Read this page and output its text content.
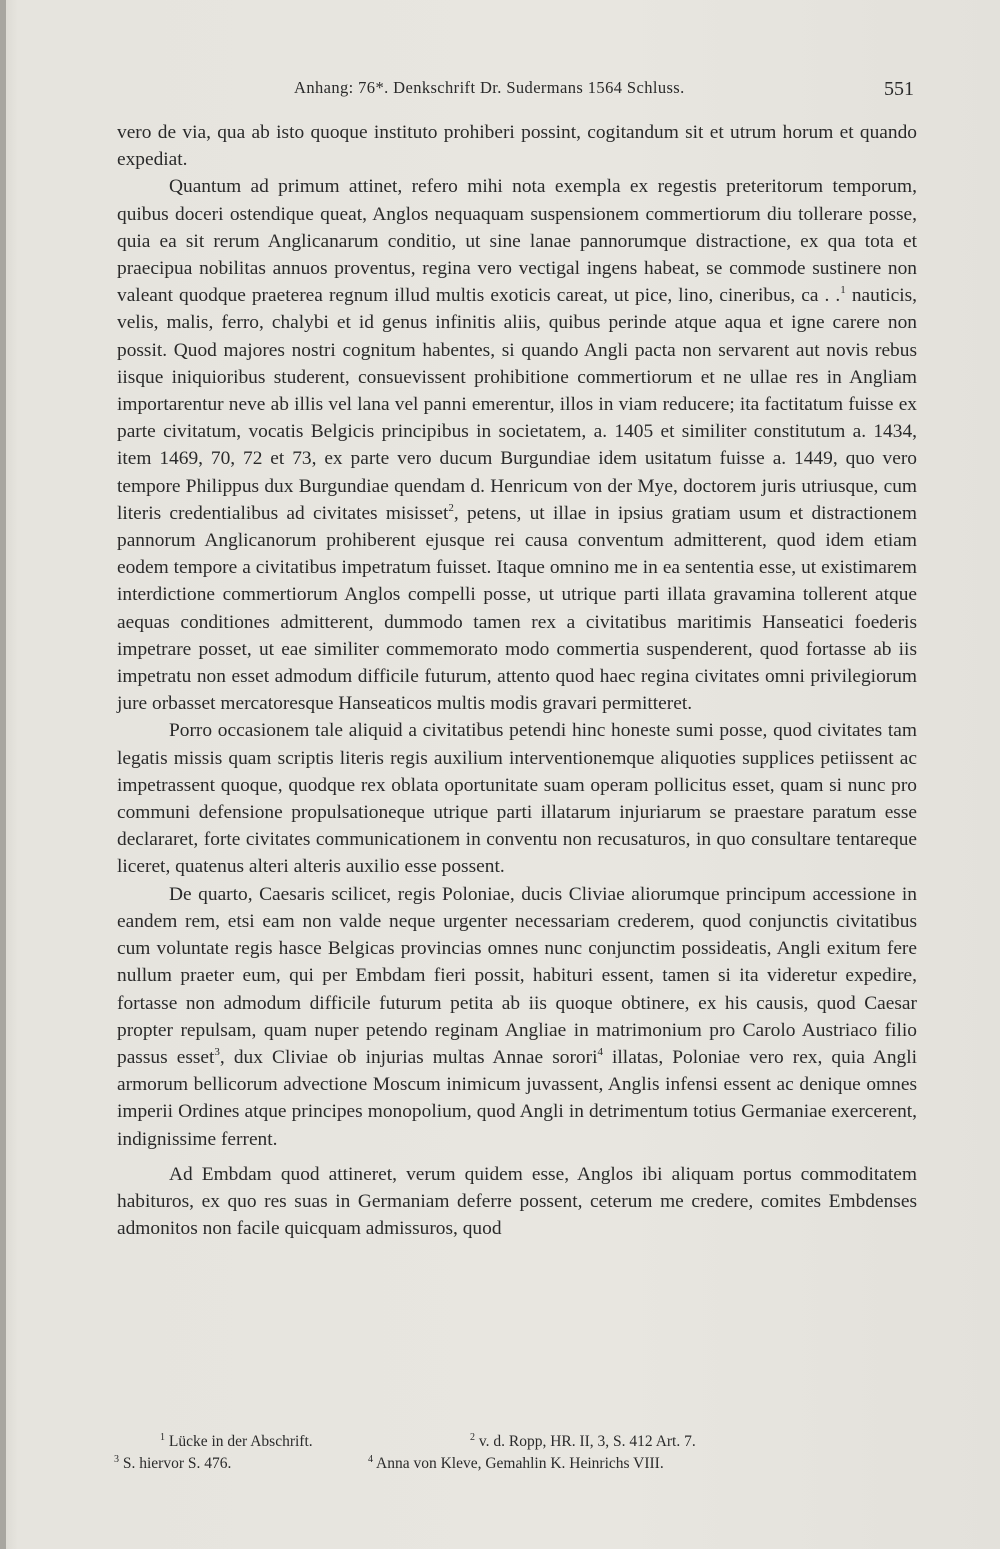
Anhang: 76*. Denkschrift Dr. Sudermans 1564 Schluss.	551

vero de via, qua ab isto quoque instituto prohiberi possint, cogitandum sit et utrum horum et quando expediat.

Quantum ad primum attinet, refero mihi nota exempla ex regestis preteritorum temporum, quibus doceri ostendique queat, Anglos nequaquam suspensionem commertiorum diu tollerare posse, quia ea sit rerum Anglicanarum conditio, ut sine lanae pannorumque distractione, ex qua tota et praecipua nobilitas annuos proventus, regina vero vectigal ingens habeat, se commode sustinere non valeant quodque praeterea regnum illud multis exoticis careat, ut pice, lino, cineribus, ca . .$^1$ nauticis, velis, malis, ferro, chalybi et id genus infinitis aliis, quibus perinde atque aqua et igne carere non possit. Quod majores nostri cognitum habentes, si quando Angli pacta non servarent aut novis rebus iisque iniquioribus studerent, consuevissent prohibitione commertiorum et ne ullae res in Angliam importarentur neve ab illis vel lana vel panni emerentur, illos in viam reducere; ita factitatum fuisse ex parte civitatum, vocatis Belgicis principibus in societatem, a. 1405 et similiter constitutum a. 1434, item 1469, 70, 72 et 73, ex parte vero ducum Burgundiae idem usitatum fuisse a. 1449, quo vero tempore Philippus dux Burgundiae quendam d. Henricum von der Mye, doctorem juris utriusque, cum literis credentialibus ad civitates misisset$^2$, petens, ut illae in ipsius gratiam usum et distractionem pannorum Anglicanorum prohiberent ejusque rei causa conventum admitterent, quod idem etiam eodem tempore a civitatibus impetratum fuisset. Itaque omnino me in ea sententia esse, ut existimarem interdictione commertiorum Anglos compelli posse, ut utrique parti illata gravamina tollerent atque aequas conditiones admitterent, dummodo tamen rex a civitatibus maritimis Hanseatici foederis impetrare posset, ut eae similiter commemorato modo commertia suspenderent, quod fortasse ab iis impetratu non esset admodum difficile futurum, attento quod haec regina civitates omni privilegiorum jure orbasset mercatoresque Hanseaticos multis modis gravari permitteret.

Porro occasionem tale aliquid a civitatibus petendi hinc honeste sumi posse, quod civitates tam legatis missis quam scriptis literis regis auxilium interventionemque aliquoties supplices petiissent ac impetrassent quoque, quodque rex oblata oportunitate suam operam pollicitus esset, quam si nunc pro communi defensione propulsationeque utrique parti illatarum injuriarum se praestare paratum esse declararet, forte civitates communicationem in conventu non recusaturos, in quo consultare tentareque liceret, quatenus alteri alteris auxilio esse possent.

De quarto, Caesaris scilicet, regis Poloniae, ducis Cliviae aliorumque principum accessione in eandem rem, etsi eam non valde neque urgenter necessariam crederem, quod conjunctis civitatibus cum voluntate regis hasce Belgicas provincias omnes nunc conjunctim possideatis, Angli exitum fere nullum praeter eum, qui per Embdam fieri possit, habituri essent, tamen si ita videretur expedire, fortasse non admodum difficile futurum petita ab iis quoque obtinere, ex his causis, quod Caesar propter repulsam, quam nuper petendo reginam Angliae in matrimonium pro Carolo Austriaco filio passus esset$^3$, dux Cliviae ob injurias multas Annae sorori$^4$ illatas, Poloniae vero rex, quia Angli armorum bellicorum advectione Moscum inimicum juvassent, Anglis infensi essent ac denique omnes imperii Ordines atque principes monopolium, quod Angli in detrimentum totius Germaniae exercerent, indignissime ferrent.

Ad Embdam quod attineret, verum quidem esse, Anglos ibi aliquam portus commoditatem habituros, ex quo res suas in Germaniam deferre possent, ceterum me credere, comites Embdenses admonitos non facile quicquam admissuros, quod

$^1$ Lücke in der Abschrift.	$^2$ v. d. Ropp, HR. II, 3, S. 412 Art. 7.
$^3$ S. hiervor S. 476.	$^4$ Anna von Kleve, Gemahlin K. Heinrichs VIII.
